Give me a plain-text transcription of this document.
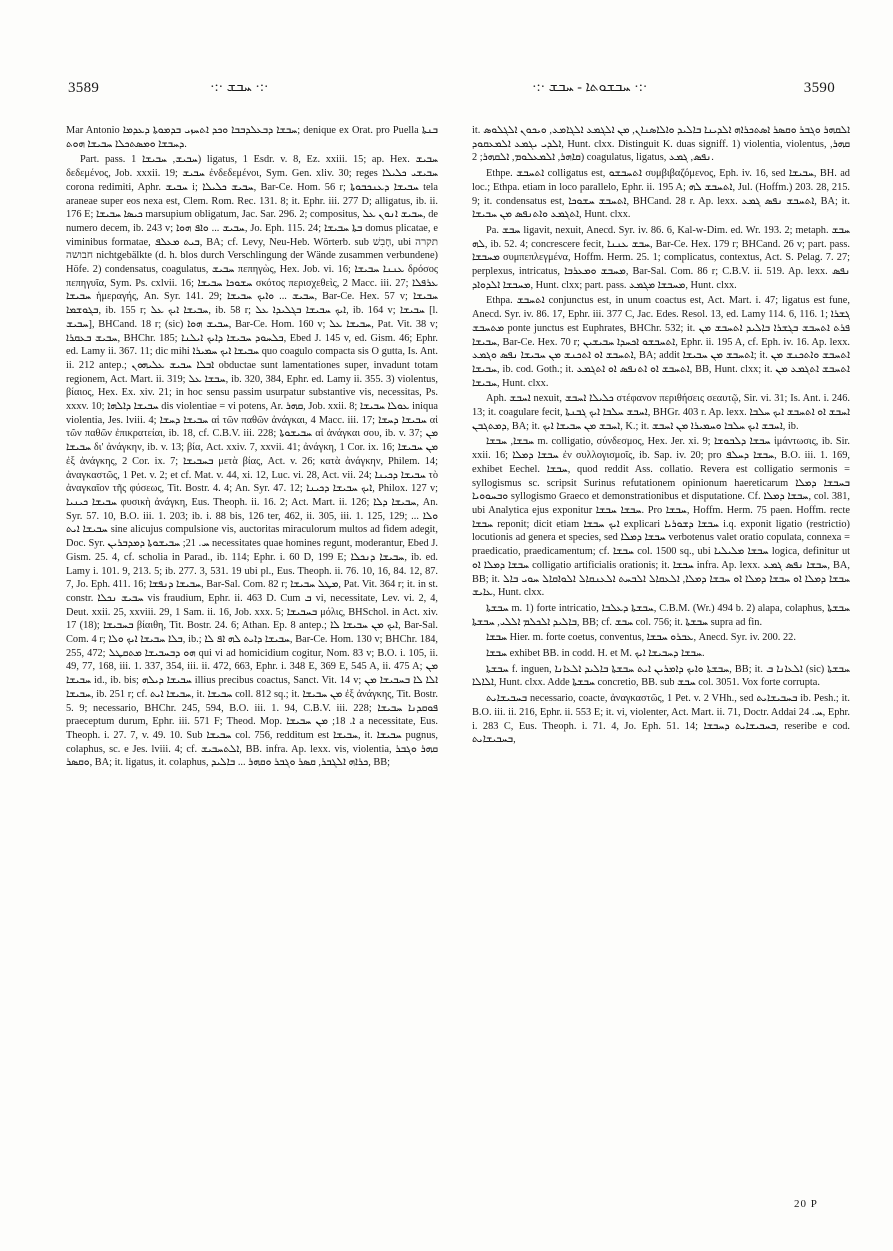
3589	·:· ܚܒܫ ·:·	·:· ܚܒܫܘܬܐ - ܚܒܫ ·:·	3590

Mar Antonio ܚܒܫܐ ܕܒܥܠܕܒܒܐ ܘܟܕ ܐܬܚܙܝ ܒܕܡܘܬܐ ܕܥܕܡܐ; denique ex Orat. pro Puella ܒܢܬܐ ܕܚܒܫܐ ܘܡܣܬܟܠܐ ܚܒܝܫܐ ܗܘܬ.

Part. pass. ܚܒܝܫ, ܚܒܝܫܐ 1) ligatus, 1 Esdr. v. 8, Ez. xxiii. 15; ap. Hex. ܚܒܝܫ δεδεμένος, Job. xxxii. 19; ܚܒܝܫ ἐνδεδεμένοι, Sym. Gen. xliv. 30; reges ܚܒܝܫܝ ܟܠܝܠܐ corona redimiti, Aphr. ܚܒܝܫ i; ܚܒܝܫ ܟܠܝܠܐ, Bar-Ce. Hom. 56 r; ܚܒܝܫܐ ܕܥܢܟܒܘܬܐ tela araneae super eos nexa est, Clem. Rom. Rec. 131. 8; it. Ephr. iii. 277 D; alligatus, ib. ii. 176 E; ܟܝܣܐ ܚܒܝܫܐ marsupium obligatum, Jac. Sar. 296. 2; compositus, ܚܒܝܫ ܐܢܘܢ ܥܠ, de numero decem, ib. 243 v; ܚܒܝܫ ... ܘܐܦ ܗܘܐ, Jo. Eph. 115. 24; ܒܬܐ ܚܒܝܫܐ domus plicatae, e viminibus formatae, ܒܝܬ ܡܥܠܦ, BA; cf. Levy, Neu-Heb. Wörterb. sub חָבִשׁ, ubi תקרה חבושה nichtgebälkte (d. h. blos durch Verschlingung der Wände zusammen verbundene) Höfe. 2) condensatus, coagulatus, ܚܒܝܫ πεπηγὼς, Hex. Job. vi. 16; ܥܢܢܐ ܚܒܝܫܐ δρόσος πεπηγυῖα, Sym. Ps. cxlvii. 16; ܚܫܘܟܐ ܚܒܝܫܐ σκότος περισχεθεὶς, 2 Macc. iii. 27; ܥܪܦܠܐ ܚܒܝܫܐ ἡμεραγής, An. Syr. 141. 29; ܚܒܝܫ ... ܘܐܝܟ ܚܒܝܫܐ, Bar-Ce. Hex. 57 v; ܚܒܝܫܐ ܒܓܘܫܡܐ, ib. 155 r; ܚܒܝܫܐ ܐܝܟ ܥܠ, ib. 58 r; ܐܝܟ ܚܒܝܫܐ ܒܓܠܝܕܐ ܥܠ, ib. 164 v; ܚܒܝܫܐ [l. ܚܒܝܫ], BHCand. 18 r; (sic) ܚܒܝܫ ܗܘܐ, Bar-Ce. Hom. 160 v; ܚܒܝܫܐ ܥܠ, Pat. Vit. 38 v; ܚܒܝܫ ܒܥܩܪܐ, BHChr. 185; ܒܠܚܘܕ ܚܒܝܫܐ ܕܐܝܟ ܐܝܠܢܐ, Ebed J. 145 v, ed. Gism. 46; Ephr. ed. Lamy ii. 367. 11; dic mihi ܚܒܝܫܐ ܐܝܟ ܚܡܝܪܐ quo coagulo compacta sis O gutta, Is. Ant. ii. 212 antep.; ܐܒܠܐ ܚܒܝܫ ܥܠܝܗܘܢ obductae sunt lamentationes super, invadunt totam regionem, Act. Mart. ii. 319; ܚܒܫܐ ܥܠ, ib. 320, 384, Ephr. ed. Lamy ii. 355. 3) violentus, βίαιος, Hex. Ex. xiv. 21; in hoc sensu passim usurpatur substantive vis, necessitas, Ps. xxxv. 10; ܚܒܝܫܐ ܕܐܠܗܐ dis violentiae = vi potens, Ar. ܩܗܪ, Job. xxii. 8; ܥܘܠܐ ܚܒܝܫܐ iniqua violentia, Jes. lviii. 4; ܚܒܝܫܐ ܕܚܫܐ αἱ τῶν παθῶν ἀνάγκαι, 4 Macc. iii. 17; ܚܒܝܫܐ ܕܚܫܐ αἱ τῶν παθῶν ἐπικρατείαι, ib. 18, cf. C.B.V. iii. 228; ܚܒܝܫܘܬܐ αἱ ἀνάγκαι σου, ib. v. 37; ܡܢ ܚܒܝܫܐ δι' ἀνάγκην, ib. v. 13; βία, Act. xxiv. 7, xxvii. 41; ἀνάγκη, 1 Cor. ix. 16; ܡܢ ܚܒܝܫܐ ἐξ ἀνάγκης, 2 Cor. ix. 7; ܒܚܒܝܫܐ μετὰ βίας, Act. v. 26; κατὰ ἀνάγκην, Philem. 14; ἀναγκαστῶς, 1 Pet. v. 2; et cf. Mat. v. 44, xi. 12, Luc. vi. 28, Act. vii. 24; ܚܒܝܫܐ ܕܟܝܢܐ τὸ ἀναγκαῖον τῆς φύσεως, Tit. Bostr. 4. 4; An. Syr. 47. 12; ܐܝܟ ܚܒܝܫܐ ܕܟܝܢܐ, Philox. 127 v; ܚܒܝܫܐ ܟܝܢܝܐ φυσικὴ ἀνάγκη, Eus. Theoph. ii. 16. 2; Act. Mart. ii. 126; ܚܒܝܫܐ ܕܠܐ, An. Syr. 57. 10, B.O. iii. 1. 203; ib. i. 88 bis, 126 ter, 462, ii. 305, iii. 1. 125, 129; ... ܘܠܐ ܚܒܝܫܐ ܐܝܬ sine alicujus compulsione vis, auctoritas miraculorum multos ad fidem adegit, Doc. Syr. ܚ. 21; ܚܒܝܫܘܬܐ ܕܡܕܒܪܝܢ necessitates quae homines regunt, moderantur, Ebed J. Gism. 25. 4, cf. scholia in Parad., ib. 114; Ephr. i. 60 D, 199 E; ܚܒܝܫܐ ܕܢܟܠܐ, ib. ed. Lamy i. 101. 9, 213. 5; ib. 277. 3, 531. 19 ubi pl., Eus. Theoph. ii. 76. 10, 16, 84. 12, 87. 7, Jo. Eph. 411. 16; ܚܒܝܫܐ ܕܢܦܫܐ, Bar-Sal. Com. 82 r; ܡܛܠ ܚܒܝܫܐ, Pat. Vit. 364 r; it. in st. constr. ܚܒܝܫ ܢܟܠܐ vis fraudium, Ephr. ii. 463 D. Cum ܒ vi, necessitate, Lev. vi. 2, 4, Deut. xxii. 25, xxviii. 29, 1 Sam. ii. 16, Job. xxx. 5; ܒܚܒܝܫܐ μόλις, BHSchol. in Act. xiv. 17 (18); ܒܚܒܝܫܐ βίαιθη, Tit. Bostr. 24. 6; Athan. Ep. 8 antep.; ܐܝܟ ܡܢ ܚܒܝܫܐ ܠܐ, Bar-Sal. Com. 4 r; ܒܠܐ ܚܒܝܫܐ ܐܝܟ ܘܠܐ, ib.; ܚܒܝܫܐ ܕܐܝܬ ܠܗ ܐܦ ܠܐ, Bar-Ce. Hom. 130 v; BHChr. 184, 255, 472; ܗܘ ܕܒܚܒܝܫܐ ܡܬܩܛܠ qui vi ad homicidium cogitur, Nom. 83 v; B.O. i. 105, ii. 49, 77, 168, iii. 1. 337, 354, iii. ii. 472, 663, Ephr. i. 348 E, 369 E, 545 A, ii. 475 A; ܡܢ ܚܒܝܫܐ id., ib. bis; ܚܒܝܫܐ ܕܝܠܗ illius precibus coactus, Sanct. Vit. 14 v; ܐܠܐ ܠܐ ܒܚܒܝܫܐ ܡܢ ܚܒܝܫܐ, ib. 251 r; cf. ܚܒܝܫܐ ܐܝܬ, it. ܚܒܝܫܐ coll. 812 sq.; it. ܡܢ ܚܒܝܫܐ ἐξ ἀνάγκης, Tit. Bostr. 5. 9; necessario, BHChr. 245, 594, B.O. iii. 1. 94, C.B.V. iii. 228; ܦܘܩܕܢܐ ܚܒܝܫܐ praeceptum durum, Ephr. iii. 571 F; Theod. Mop. ܐ. 18; ܡܢ ܚܒܝܫܐ a necessitate, Eus. Theoph. i. 27. 7, v. 49. 10. Sub ܚܒܝܫܐ col. 756, redditum est ܚܒܝܫܐ, it. ܚܒܝܫܐ pugnus, colaphus, sc. e Jes. lviii. 4; cf. ܐܠܬܚܒܝܫ, BB. infra. Ap. lexx. vis, violentia, ܩܗܪ ܘܓܒܪ ܘܩܣܪ, BA; it. ligatus, it. colaphus, ܟܪܐܗ ܐܠܓܒܪ, ܩܣܪ ܘܓܒܪ ܘܩܗܪ ... ܒܐܠܝܕ, BB;

it. ܐܠܩܗܪ ܘܓܒܪ ܘܩܣܪ ܐܣܬܟܪܐܗ ܐܠܕܝܢܐ ܒܐܠܝܕ ܘܐܠܐܣܢܐܢ, ܡܢ ܐܠܓܡܥ ܐܠܓܐܡܥ, ܘܝܟܘܢ ܐܠܓܠܘܣ ܐܠܕܝ ܝܓܡܥ ܐܠܡܥܩܘܕ, Hunt. clxx. Distinguit K. duas signiff. 1) violentia, violentus, ܩܗܪ, ܩܐܗܪ, ܐܠܡܥܠܘܡ, ܐܠܩܗܪ; 2) coagulatus, ligatus, ܢܦܣ, ܓܡܥ.

Ethpe. ܐܬܚܒܫ colligatus est, ܐܬܚܒܫܘ συμβιβαζόμενος, Eph. iv. 16, sed ܚܒܝܫܐ, BH. ad loc.; Ethpa. etiam in loco parallelo, Ephr. ii. 195 A; ܐܬܚܒܫ ܠܗ, Jul. (Hoffm.) 203. 28, 215. 9; it. condensatus est, ܐܬܚܒܫ ܚܫܘܟܐ, BHCand. 28 r. Ap. lexx. ܐܬܚܒܫ ܢܦܣ ܓܡܥ, BA; it. ܐܬܓܡܥ ܘܐܬܢܦܣ ܡܢ ܚܒܝܫܐ, Hunt. clxx.

Pa. ܚܒܫ ligavit, nexuit, Anecd. Syr. iv. 86. 6, Kal-w-Dim. ed. Wr. 193. 2; metaph. ܚܒܫ ܠܗ, ib. 52. 4; concrescere fecit, ܚܒܫ ܥܢܢܐ, Bar-Ce. Hex. 179 r; BHCand. 26 v; part. pass. ܡܚܒܫܐ συμπεπλεγμένα, Hoffm. Herm. 25. 1; complicatus, contextus, Act. S. Pelag. 7. 27; perplexus, intricatus, ܡܚܒܫ ܘܡܥܪܒܐ, Bar-Sal. Com. 86 r; C.B.V. ii. 519. Ap. lexx. ܢܦܣ ܡܚܒܫܐ ܐܠܕܘܐܕ, Hunt. clxx; part. pass. ܡܚܒܫܐ ܡܓܡܥ, Hunt. clxx.

Ethpa. ܐܬܚܒܫ conjunctus est, in unum coactus est, Act. Mart. i. 47; ligatus est fune, Anecd. Syr. iv. 86. 17, Ephr. iii. 377 C, Jac. Edes. Resol. 13, ed. Lamy 114. 6, 116. 1; ܓܫܪܐ ܡܬܚܒܫ ponte junctus est Euphrates, BHChr. 532; it. ܦܪܬ ܐܬܚܒܫ ܒܓܫܪܐ ܒܐܠܝܕ ܐܬܚܒܫ ܡܢ ܚܒܝܫܐ, Bar-Ce. Hex. 70 r; ܐܬܚܒܫܘ ܐܟܚܕܐ ܚܒܝܫܝܢ, Ephr. ii. 195 A, cf. Eph. iv. 16. Ap. lexx. ܐܬܚܒܫ ܐܘ ܐܬܟܢܫ ܡܢ ܚܒܝܫܐ ܢܦܣ ܘܓܡܥ, BA; addit ܐܬܚܒܫ ܡܢ ܚܒܝܫܐ; it. ܐܬܚܒܫ ܘܐܬܟܢܫ ܡܢ ܚܒܝܫܐ, ib. cod. Goth.; it. ܐܬܚܒܫ ܐܘ ܐܬܢܦܣ ܐܘ ܐܬܓܡܥ, BB, Hunt. clxx; it. ܐܬܚܒܫ ܐܬܓܡܥ ܡܢ ܚܒܝܫܐ, Hunt. clxx.

Aph. ܐܚܒܫ nexuit, ܟܠܝܠܐ ܐܚܒܫ στέφανον περιθήσεις σεαυτῷ, Sir. vi. 31; Is. Ant. i. 246. 13; it. coagulare fecit, ܐܚܒܫ ܚܠܒܐ ܐܝܟ ܓܒܢܬܐ, BHGr. 403 r. Ap. lexx. ܐܚܒܫ ܐܘ ܐܬܚܒܫ ܐܝܟ ܚܠܒܐ ܕܡܬܓܒܢ, BA; it. ܐܚܒܫ ܡܢ ܚܒܝܫܐ ܐܝܟ, K.; it. ܐܚܒܫ ܐܝܟ ܚܠܒܐ ܘܚܡܝܪܐ ܡܢ ܐܚܒܫ, ib.

ܚܒܫܐ, ܚܒܫܐ m. colligatio, σύνδεσμος, Hex. Jer. xi. 9; ܚܒܫܐ ܕܠܒܘܫܐ ἱμάντωσις, ib. Sir. xxii. 16; ܚܒܫܐ ܕܡܠܐ ἐν συλλογισμοῖς, ib. Sap. iv. 20; pro ܚܒܫܐ ܕܚܠܦ, B.O. iii. 1. 169, exhibet Eechel. ܚܒܫܐ, quod reddit Ass. collatio. Revera est colligatio sermonis = syllogismus sc. scripsit Surinus refutationem opinionum haereticarum ܒܚܒܫܐ ܕܡܠܐ ܘܒܚܘܘܝܐ syllogismo Graeco et demonstrationibus et disputatione. Cf. ܚܒܫܐ ܕܡܠܐ, col. 381, ubi Analytica ejus exponitur ܚܒܫܐ ܚܒܫܐ. Pro ܚܒܫܐ, Hoffm. Herm. 75 paen. Hoffm. recte ܚܒܫܐ reponit; dicit etiam ܐܝܟ ܚܒܫܐ explicari ܚܒܫܐ ܕܫܘܪܝܐ i.q. exponit ligatio (restrictio) locutionis ad genera et species, sed ܚܒܫܐ ܕܡܠܐ verbotenus valet oratio copulata, connexa = praedicatio, praedicamentum; cf. ܚܒܫܐ col. 1500 sq., ubi ܚܒܫܐ ܡܠܝܠܝܐ logica, definitur ut ܚܒܫܐ ܕܡܠܐ ܐܘ colligatio artificialis orationis; it. ܚܒܫܐ infra. Ap. lexx. ܚܒܫܐ ܢܦܣ ܓܡܥ, BA, BB; it. ܚܒܫܐ ܕܡܠܐ ܐܘ ܚܒܫܐ ܕܡܠܐ ܐܘ ܚܒܫܐ ܕܡܠܐ, ܐܠܥܩܐܠ ܐܠܒܚܬ ܐܠܥܢܩܐܠ ܐܠܘܐܩܐܠ ܚܘܝ ܒܐܠ ܥܐܝܫ, Hunt. clxx.

ܚܒܫܬܐ m. 1) forte intricatio, ܚܒܫܬܐ ܕܥܠܒܐ, C.B.M. (Wr.) 494 b. 2) alapa, colaphus, ܚܒܫܬܐ ܒܐܠܝܕ ܐܠܟܠܡ ܐܠܠܝ, ܚܒܫܬܐ, BB; cf. ܚܒܫ col. 756; it. ܚܒܫܬܐ supra ad fin.

ܚܒܫܐ Hier. m. forte coetus, conventus, ܥܒܪܘ ܚܒܫܐ, Anecd. Syr. iv. 200. 22.

ܚܒܫܐ exhibet BB. in codd. H. et M. ܚܒܫܐ ܕܚܒܝܫܐ ܐܝܟ.

ܚܒܫܬܐ f. inguen, ܚܒܫܬܐ ܘܐܝܟ ܕܐܡܪܝܢ ܐܝܬ ܚܒܫܬܐ ܒܐܠܝܕ ܐܠܥܐܢܐ, BB; it. ܐܠܥܐܢܐ ܒ (sic) ܚܒܫܬܐ ܐܠܐܠܐ, Hunt. clxx. Adde ܚܒܫܬܐ concretio, BB. sub ܚܒܫ col. 3051. Vox forte corrupta.

ܒܚܒܝܫܐܝܬ necessario, coacte, ἀναγκαστῶς, 1 Pet. v. 2 VHh., sed ܒܚܒܝܫܐܝܬ ib. Pesh.; it. B.O. iii. ii. 216, Ephr. ii. 553 E; it. vi, violenter, Act. Mart. ii. 71, Doctr. Addai ܚ. 24, Ephr. i. 283 C, Eus. Theoph. i. 71. 4, Jo. Eph. 51. 14; ܒܚܒܝܫܐܝܬ ܕܚܒܫܐ, reseribe e cod. ܒܚܒܝܫܐܝܬ,

20 P
